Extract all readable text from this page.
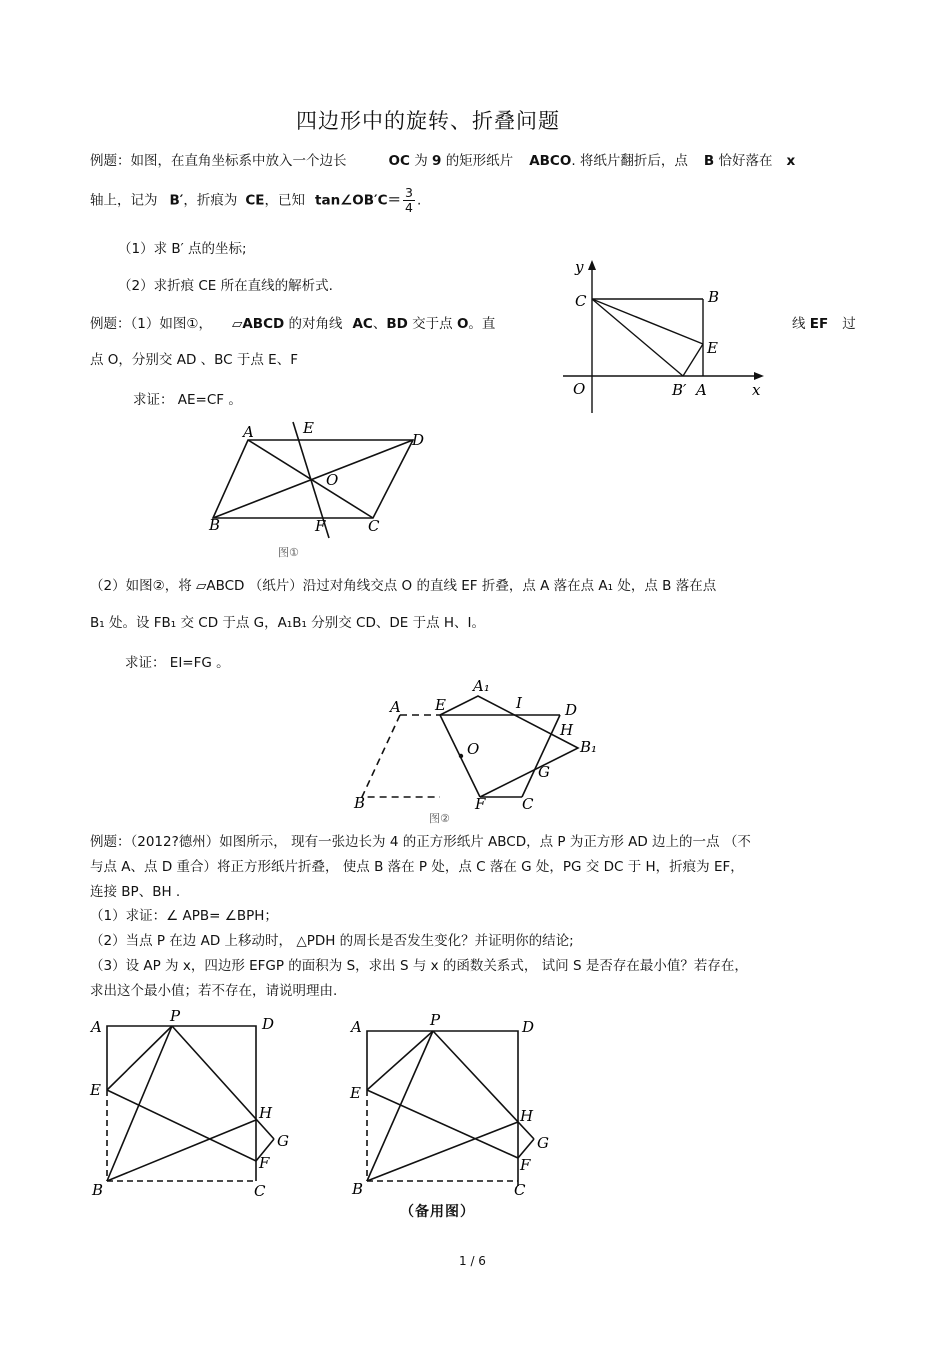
四边形中的旋转、折叠问题
例题：如图，在直角坐标系中放入一个边长	OC 为 9 的矩形纸片 ABCO. 将纸片翻折后，点 B 恰好落在 x
轴上，记为 B′，折痕为 CE，已知 tan∠OB′C＝ $\frac{3}{4}$ .
（1）求 B′ 点的坐标;
（2）求折痕 CE 所在直线的解析式.
例题：（1）如图①， ▱ABCD 的对角线 AC、BD 交于点 O。直	线 EF 过
点 O，分别交 AD 、BC 于点 E、F
求证： AE=CF 。
y
x
O
C	B
E
B′ A
A	E
D
O
B	F	C
图①
（2）如图②，将 ▱ABCD （纸片）沿过对角线交点 O 的直线 EF 折叠，点 A 落在点 A₁ 处，点 B 落在点
B₁ 处。设 FB₁ 交 CD 于点 G，A₁B₁ 分别交 CD、DE 于点 H、I。
求证： EI=FG 。
A E
A₁
I	D
H
B₁
O
G
B	F C
图②
例题：（2012?德州）如图所示， 现有一张边长为 4 的正方形纸片 ABCD，点 P 为正方形 AD 边上的一点 （不
与点 A、点 D 重合）将正方形纸片折叠， 使点 B 落在 P 处，点 C 落在 G 处，PG 交 DC 于 H，折痕为 EF，
连接 BP、BH .
（1）求证：∠ APB= ∠BPH；
（2）当点 P 在边 AD 上移动时， △PDH 的周长是否发生变化？并证明你的结论;
（3）设 AP 为 x，四边形 EFGP 的面积为 S，求出 S 与 x 的函数关系式， 试问 S 是否存在最小值？若存在，
求出这个最小值；若不存在，请说明理由.
A
P	D
E
H
G
F
B	C
A	P	D
E
H
G
F
B	C
（备用图）
1 / 6
